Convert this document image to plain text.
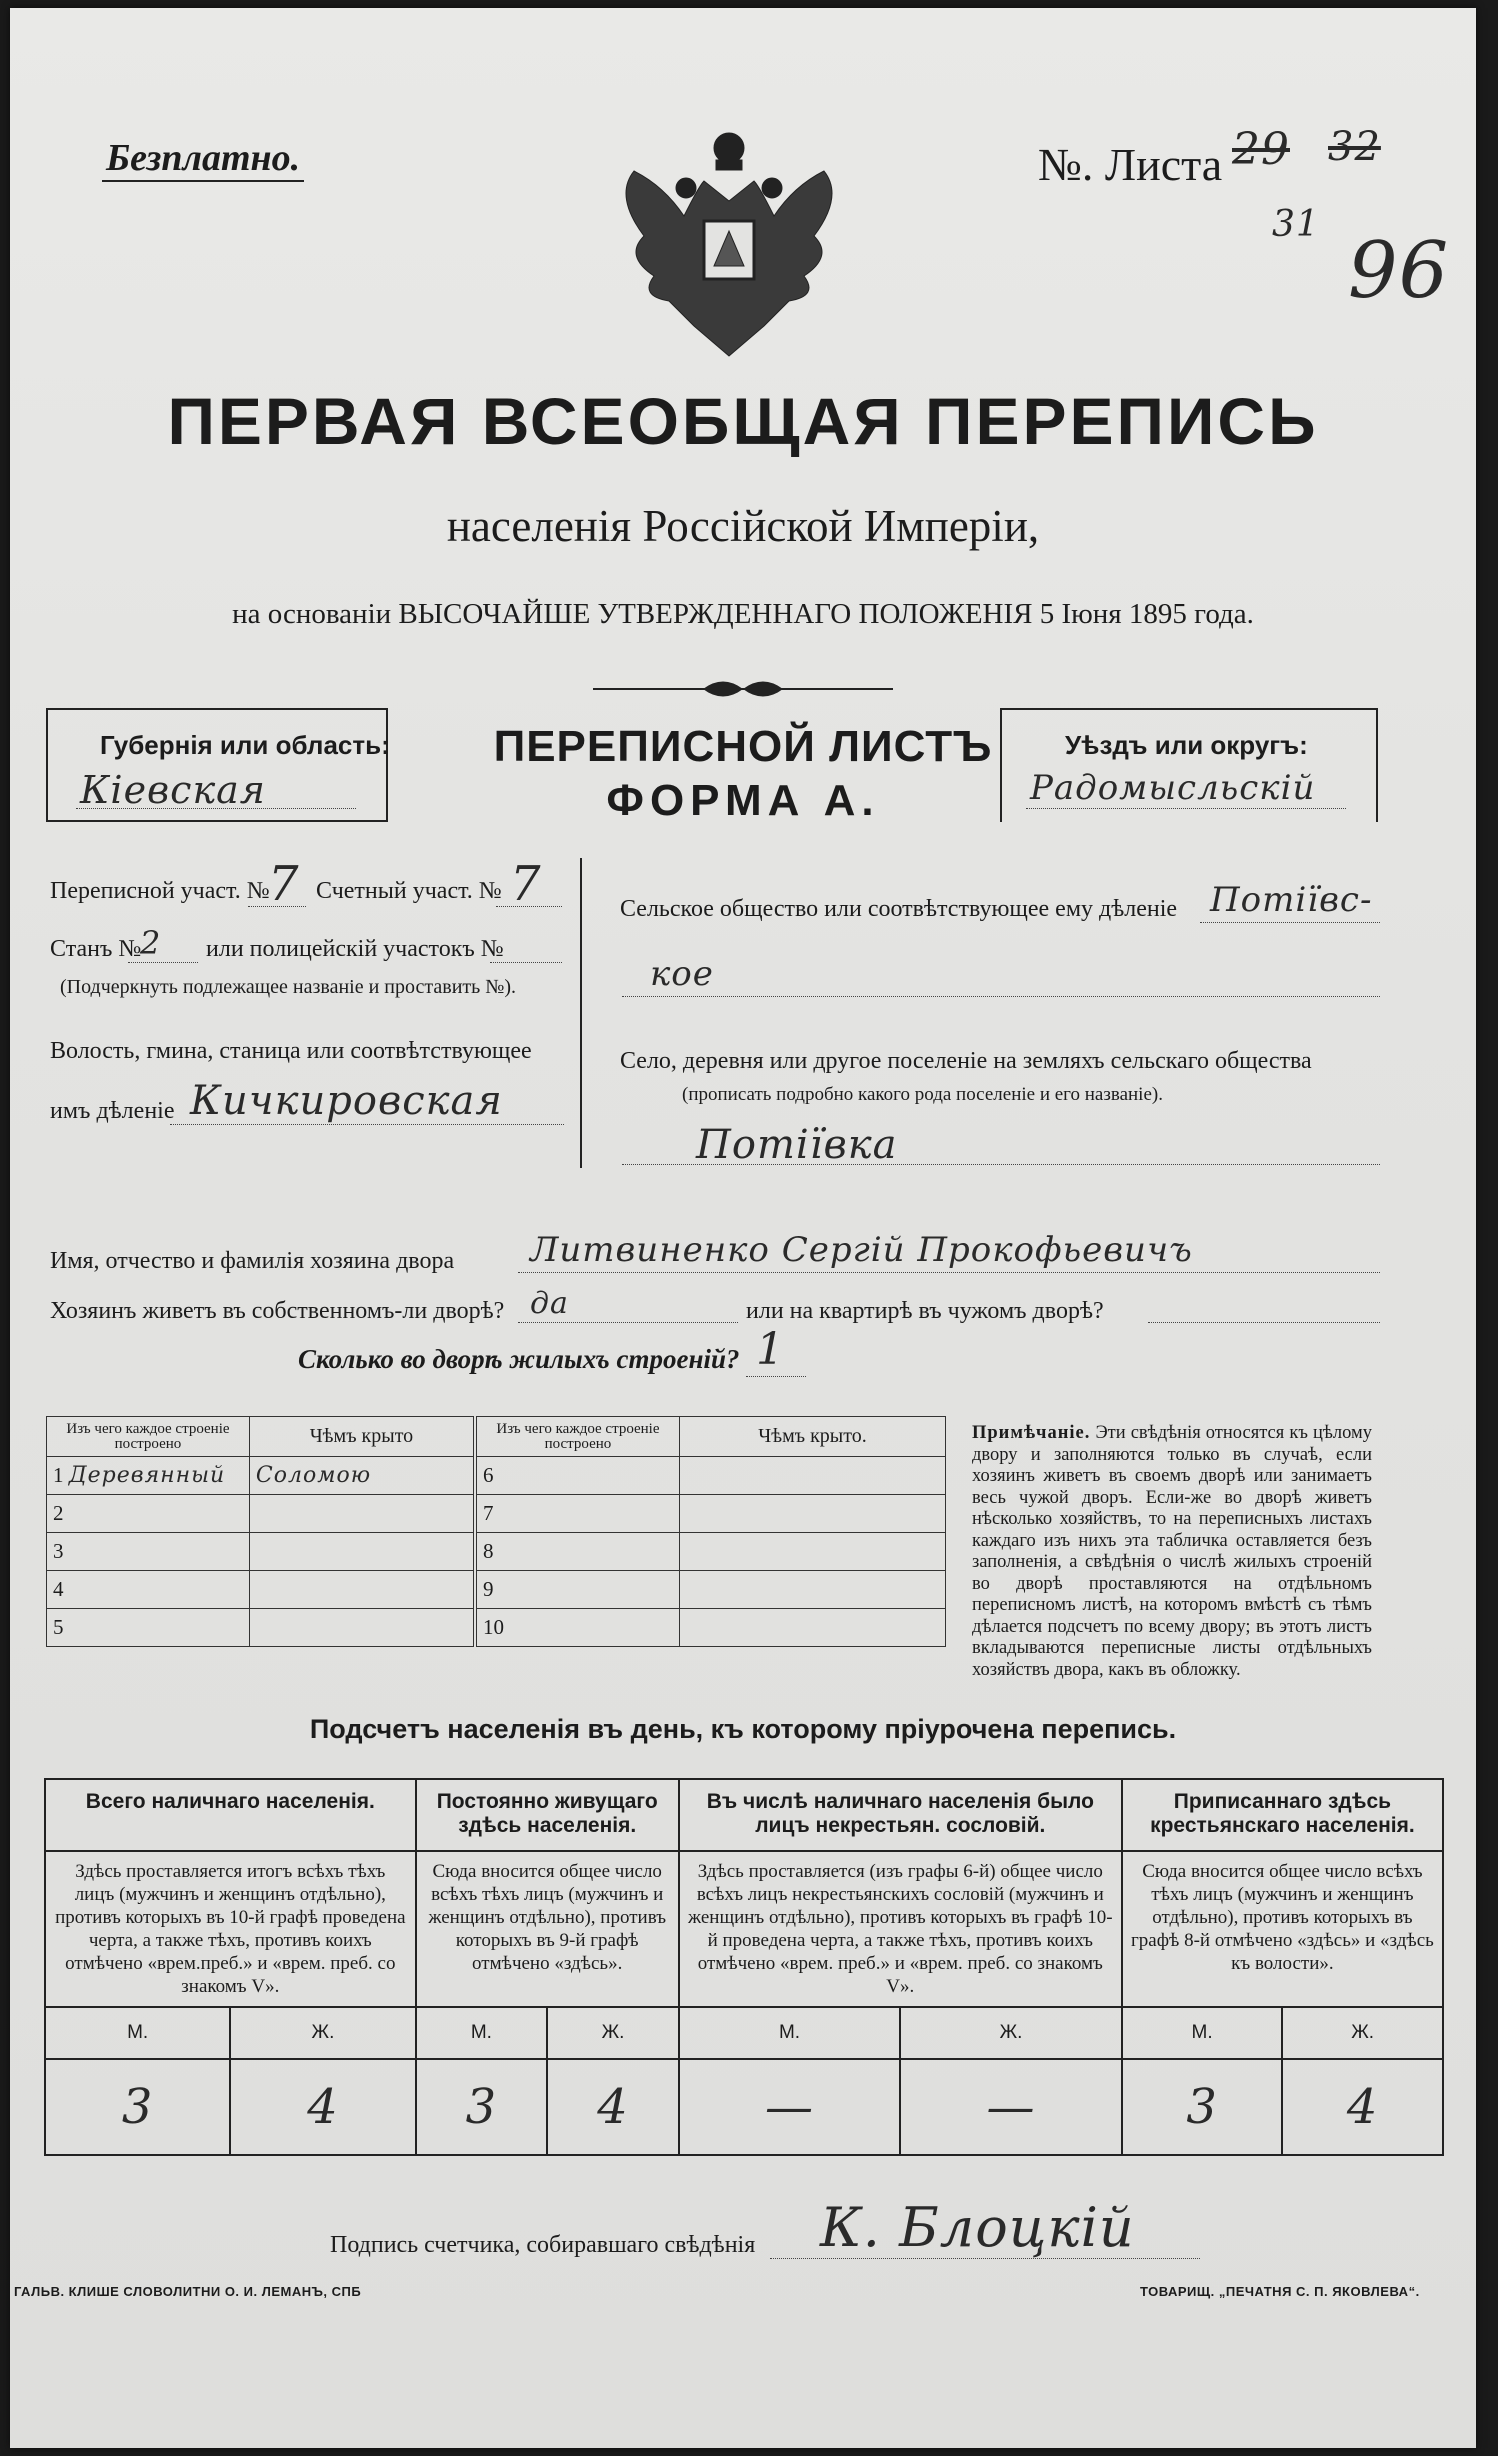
Безплатно.	№. Листа 29 32
31
96
ПЕРВАЯ ВСЕОБЩАЯ ПЕРЕПИСЬ
населенія Россійской Имперіи,
на основаніи ВЫСОЧАЙШЕ УТВЕРЖДЕННАГО ПОЛОЖЕНІЯ 5 Іюня 1895 года.
Губернія или область:
Кіевская
ПЕРЕПИСНОЙ ЛИСТЪ
ФОРМА А.
Уѣздъ или округъ:
Радомысльскій
Переписной участ. №
7 Счетный участ. № 7
Станъ №
2 или полицейскій участокъ №
(Подчеркнуть подлежащее названіе и проставить №).
Волость, гмина, станица или соотвѣтствующее
имъ дѣленіе Кичкировская
Сельское общество или соотвѣтствующее ему дѣленіе Потіївс-
кое
Село, деревня или другое поселеніе на земляхъ сельскаго общества
(прописать подробно какого рода поселеніе и его названіе).
Потіївка
Имя, отчество и фамилія хозяина двора Литвиненко Сергій Прокофьевичъ
Хозяинъ живетъ въ собственномъ-ли дворѣ? да	или на квартирѣ въ чужомъ дворѣ?
Сколько во дворѣ жилыхъ строеній? 1
Изъ чего каждое строеніе построено	Чѣмъ крыто	Изъ чего каждое строеніе построено	Чѣмъ крыто.
1 Деревянный	Соломою	6	
2		7	
3		8	
4		9	
5		10	
Примѣчаніе. Эти свѣдѣнія относятся къ цѣлому двору и заполняются только въ случаѣ, если хозяинъ живетъ въ своемъ дворѣ или занимаетъ весь чужой дворъ. Если-же во дворѣ живетъ нѣсколько хозяйствъ, то на переписныхъ листахъ каждаго изъ нихъ эта табличка оставляется безъ заполненія, а свѣдѣнія о числѣ жилыхъ строеній во дворѣ проставляются на отдѣльномъ переписномъ листѣ, на которомъ вмѣстѣ съ тѣмъ дѣлается подсчетъ по всему двору; въ этотъ листъ вкладываются переписные листы отдѣльныхъ хозяйствъ двора, какъ въ обложку.
Подсчетъ населенія въ день, къ которому пріурочена перепись.
Всего наличнаго населенія.		Постоянно живущаго здѣсь населенія.		Въ числѣ наличнаго населенія было лицъ некрестьян. сословій.		Приписаннаго здѣсь крестьянскаго населенія.	
Здѣсь проставляется итогъ всѣхъ тѣхъ лицъ (мужчинъ и женщинъ отдѣльно), противъ которыхъ въ 10-й графѣ проведена черта, а также тѣхъ, противъ коихъ отмѣчено «врем.преб.» и «врем. преб. со знакомъ V».		Сюда вносится общее число всѣхъ тѣхъ лицъ (мужчинъ и женщинъ отдѣльно), противъ которыхъ въ 9-й графѣ отмѣчено «здѣсь».		Здѣсь проставляется (изъ графы 6-й) общее число всѣхъ лицъ некрестьянскихъ сословій (мужчинъ и женщинъ отдѣльно), противъ которыхъ въ графѣ 10-й проведена черта, а также тѣхъ, противъ коихъ отмѣчено «врем. преб.» и «врем. преб. со знакомъ V».		Сюда вносится общее число всѣхъ тѣхъ лицъ (мужчинъ и женщинъ отдѣльно), противъ которыхъ въ графѣ 8-й отмѣчено «здѣсь» и «здѣсь къ волости».	
М.	Ж.	М.	Ж.	М.	Ж.	М.	Ж.
3	4	3	4	—	—	3	4
Подпись счетчика, собиравшаго свѣдѣнія К. Блоцкій
ГАЛЬВ. КЛИШЕ СЛОВОЛИТНИ О. И. ЛЕМАНЪ, СПБ	ТОВАРИЩ. „ПЕЧАТНЯ С. П. ЯКОВЛЕВА“.
